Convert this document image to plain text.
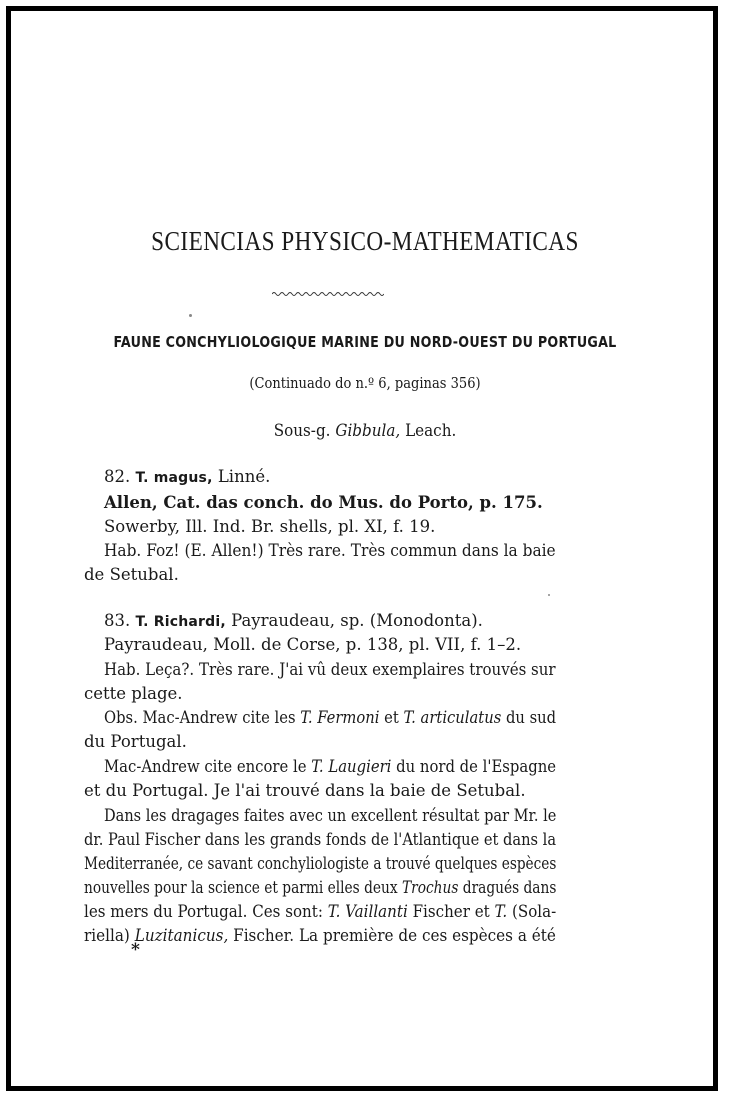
SCIENCIAS PHYSICO-MATHEMATICAS
FAUNE CONCHYLIOLOGIQUE MARINE DU NORD-OUEST DU PORTUGAL

(Continuado do n.º 6, paginas 356)

Sous-g. Gibbula, Leach.

82. T. magus, Linné.

Allen, Cat. das conch. do Mus. do Porto, p. 175.

Sowerby, Ill. Ind. Br. shells, pl. XI, f. 19.

Hab. Foz! (E. Allen!) Très rare. Très commun dans la baie

de Setubal.

83. T. Richardi, Payraudeau, sp. (Monodonta).

Payraudeau, Moll. de Corse, p. 138, pl. VII, f. 1–2.

Hab. Leça?. Très rare. J'ai vû deux exemplaires trouvés sur

cette plage.

Obs. Mac-Andrew cite les T. Fermoni et T. articulatus du sud

du Portugal.

Mac-Andrew cite encore le T. Laugieri du nord de l'Espagne

et du Portugal. Je l'ai trouvé dans la baie de Setubal.

Dans les dragages faites avec un excellent résultat par Mr. le

dr. Paul Fischer dans les grands fonds de l'Atlantique et dans la

Mediterranée, ce savant conchyliologiste a trouvé quelques espèces

nouvelles pour la science et parmi elles deux Trochus dragués dans

les mers du Portugal. Ces sont: T. Vaillanti Fischer et T. (Sola-

riella) Luzitanicus, Fischer. La première de ces espèces a été

*
